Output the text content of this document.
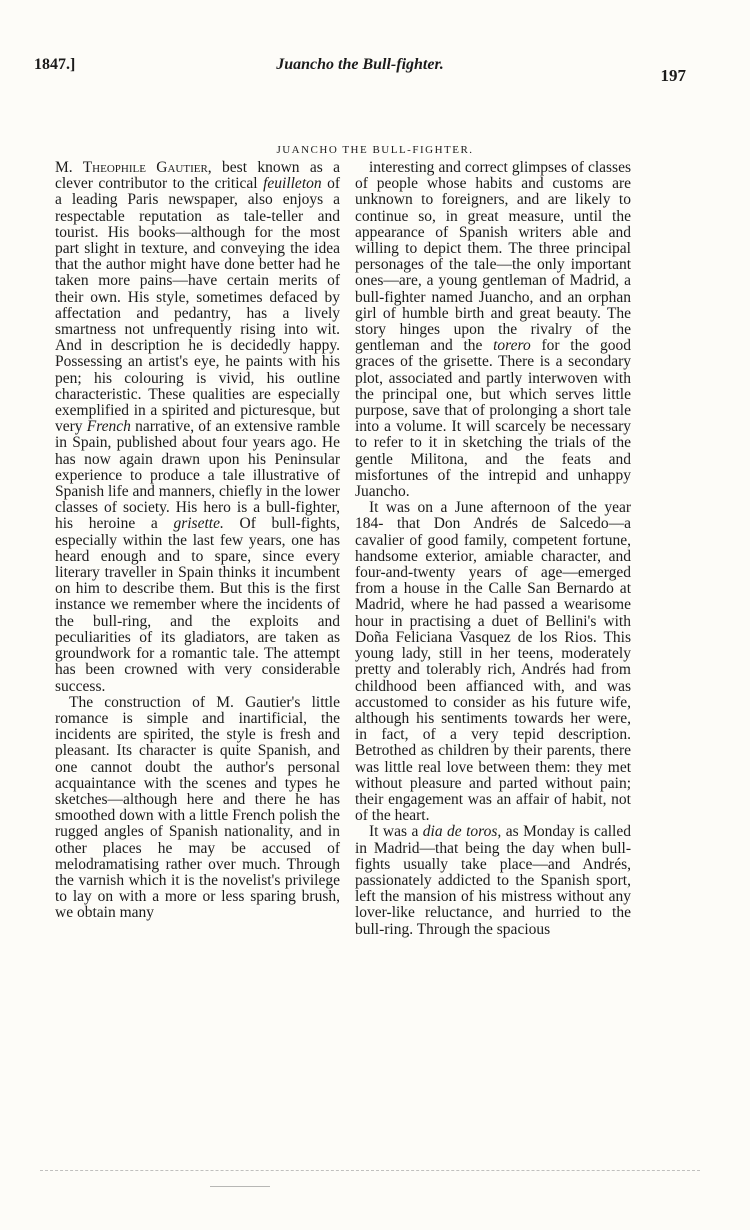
1847.]	Juancho the Bull-fighter.
197
JUANCHO THE BULL-FIGHTER.

M. Theophile Gautier, best known as a clever contributor to the critical feuilleton of a leading Paris newspaper, also enjoys a respectable reputation as tale-teller and tourist. His books—although for the most part slight in texture, and conveying the idea that the author might have done better had he taken more pains—have certain merits of their own. His style, sometimes defaced by affectation and pedantry, has a lively smartness not unfrequently rising into wit. And in description he is decidedly happy. Possessing an artist's eye, he paints with his pen; his colouring is vivid, his outline characteristic. These qualities are especially exemplified in a spirited and picturesque, but very French narrative, of an extensive ramble in Spain, published about four years ago. He has now again drawn upon his Peninsular experience to produce a tale illustrative of Spanish life and manners, chiefly in the lower classes of society. His hero is a bull-fighter, his heroine a grisette. Of bull-fights, especially within the last few years, one has heard enough and to spare, since every literary traveller in Spain thinks it incumbent on him to describe them. But this is the first instance we remember where the incidents of the bull-ring, and the exploits and peculiarities of its gladiators, are taken as groundwork for a romantic tale. The attempt has been crowned with very considerable success.

The construction of M. Gautier's little romance is simple and inartificial, the incidents are spirited, the style is fresh and pleasant. Its character is quite Spanish, and one cannot doubt the author's personal acquaintance with the scenes and types he sketches—although here and there he has smoothed down with a little French polish the rugged angles of Spanish nationality, and in other places he may be accused of melodramatising rather over much. Through the varnish which it is the novelist's privilege to lay on with a more or less sparing brush, we obtain many

interesting and correct glimpses of classes of people whose habits and customs are unknown to foreigners, and are likely to continue so, in great measure, until the appearance of Spanish writers able and willing to depict them. The three principal personages of the tale—the only important ones—are, a young gentleman of Madrid, a bull-fighter named Juancho, and an orphan girl of humble birth and great beauty. The story hinges upon the rivalry of the gentleman and the torero for the good graces of the grisette. There is a secondary plot, associated and partly interwoven with the principal one, but which serves little purpose, save that of prolonging a short tale into a volume. It will scarcely be necessary to refer to it in sketching the trials of the gentle Militona, and the feats and misfortunes of the intrepid and unhappy Juancho.

It was on a June afternoon of the year 184- that Don Andrés de Salcedo—a cavalier of good family, competent fortune, handsome exterior, amiable character, and four-and-twenty years of age—emerged from a house in the Calle San Bernardo at Madrid, where he had passed a wearisome hour in practising a duet of Bellini's with Doña Feliciana Vasquez de los Rios. This young lady, still in her teens, moderately pretty and tolerably rich, Andrés had from childhood been affianced with, and was accustomed to consider as his future wife, although his sentiments towards her were, in fact, of a very tepid description. Betrothed as children by their parents, there was little real love between them: they met without pleasure and parted without pain; their engagement was an affair of habit, not of the heart.

It was a dia de toros, as Monday is called in Madrid—that being the day when bull-fights usually take place—and Andrés, passionately addicted to the Spanish sport, left the mansion of his mistress without any lover-like reluctance, and hurried to the bull-ring. Through the spacious
